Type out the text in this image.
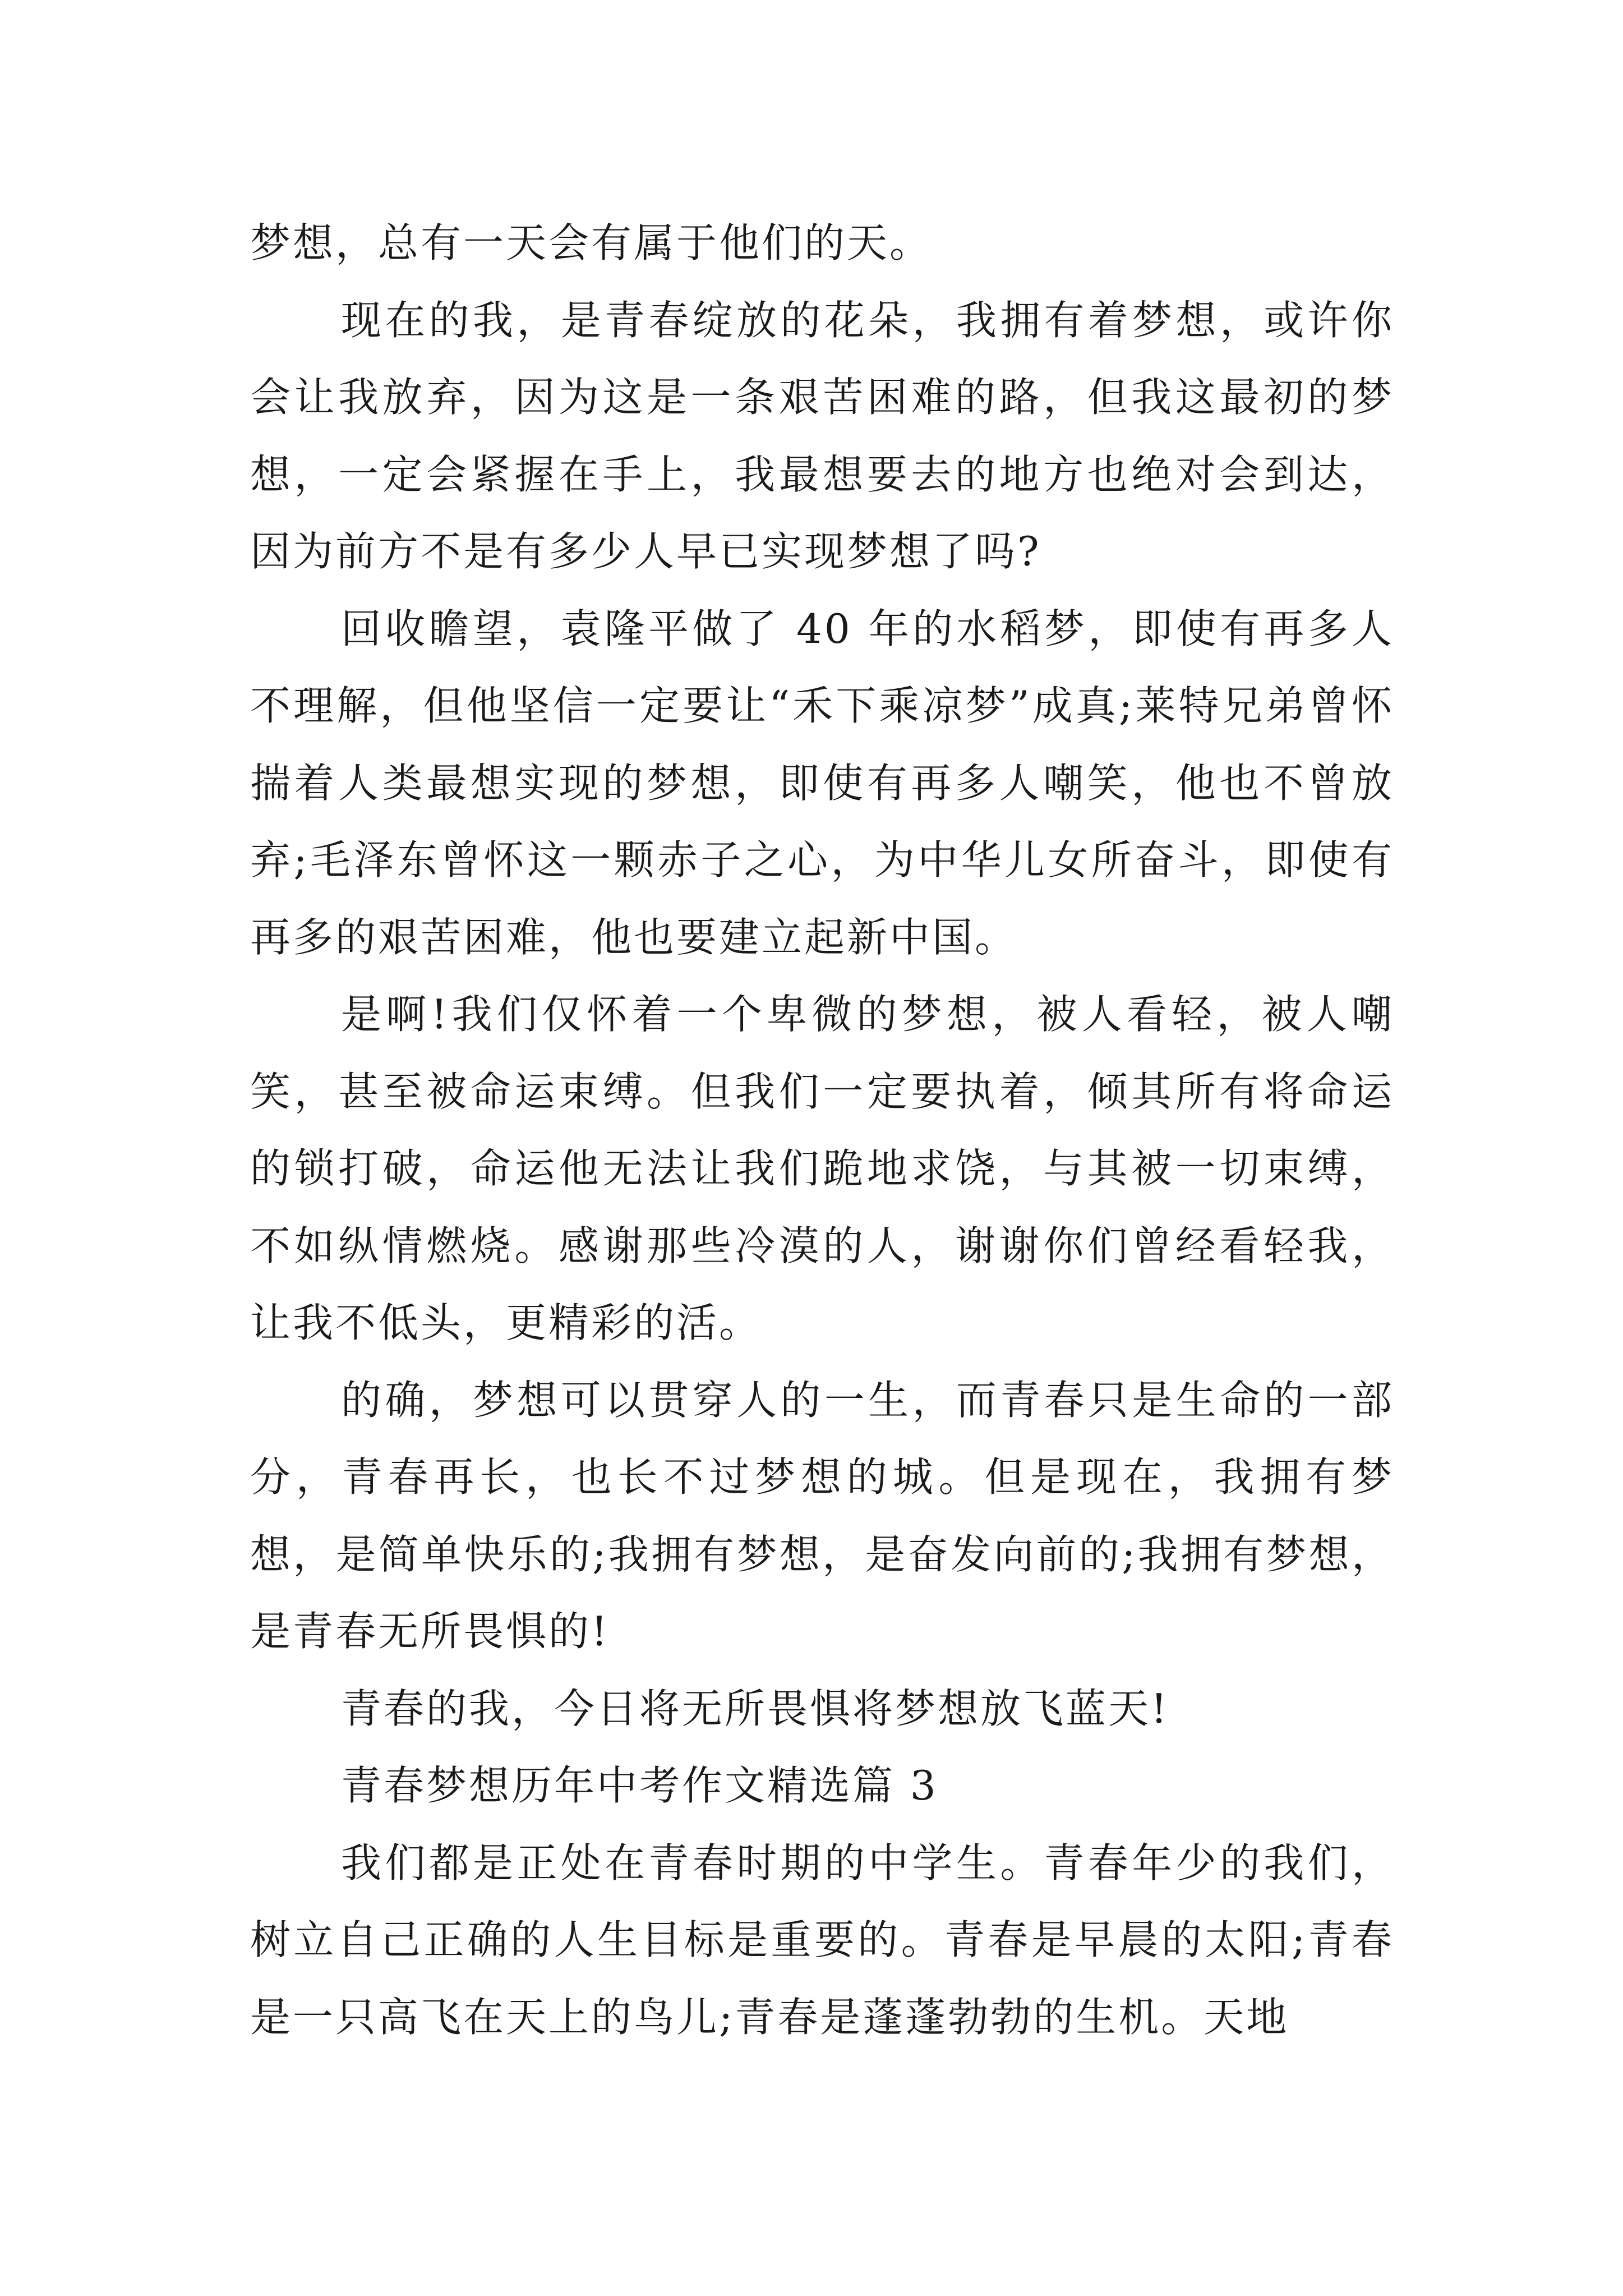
梦想，总有一天会有属于他们的天。

现在的我，是青春绽放的花朵，我拥有着梦想，或许你会让我放弃，因为这是一条艰苦困难的路，但我这最初的梦想，一定会紧握在手上，我最想要去的地方也绝对会到达，因为前方不是有多少人早已实现梦想了吗?

回收瞻望，袁隆平做了 40 年的水稻梦，即使有再多人不理解，但他坚信一定要让“禾下乘凉梦”成真;莱特兄弟曾怀揣着人类最想实现的梦想，即使有再多人嘲笑，他也不曾放弃;毛泽东曾怀这一颗赤子之心，为中华儿女所奋斗，即使有再多的艰苦困难，他也要建立起新中国。

是啊!我们仅怀着一个卑微的梦想，被人看轻，被人嘲笑，甚至被命运束缚。但我们一定要执着，倾其所有将命运的锁打破，命运他无法让我们跪地求饶，与其被一切束缚，不如纵情燃烧。感谢那些冷漠的人，谢谢你们曾经看轻我，让我不低头，更精彩的活。

的确，梦想可以贯穿人的一生，而青春只是生命的一部分，青春再长，也长不过梦想的城。但是现在，我拥有梦想，是简单快乐的;我拥有梦想，是奋发向前的;我拥有梦想，是青春无所畏惧的!

青春的我，今日将无所畏惧将梦想放飞蓝天!

青春梦想历年中考作文精选篇 3

我们都是正处在青春时期的中学生。青春年少的我们，树立自己正确的人生目标是重要的。青春是早晨的太阳;青春是一只高飞在天上的鸟儿;青春是蓬蓬勃勃的生机。天地
